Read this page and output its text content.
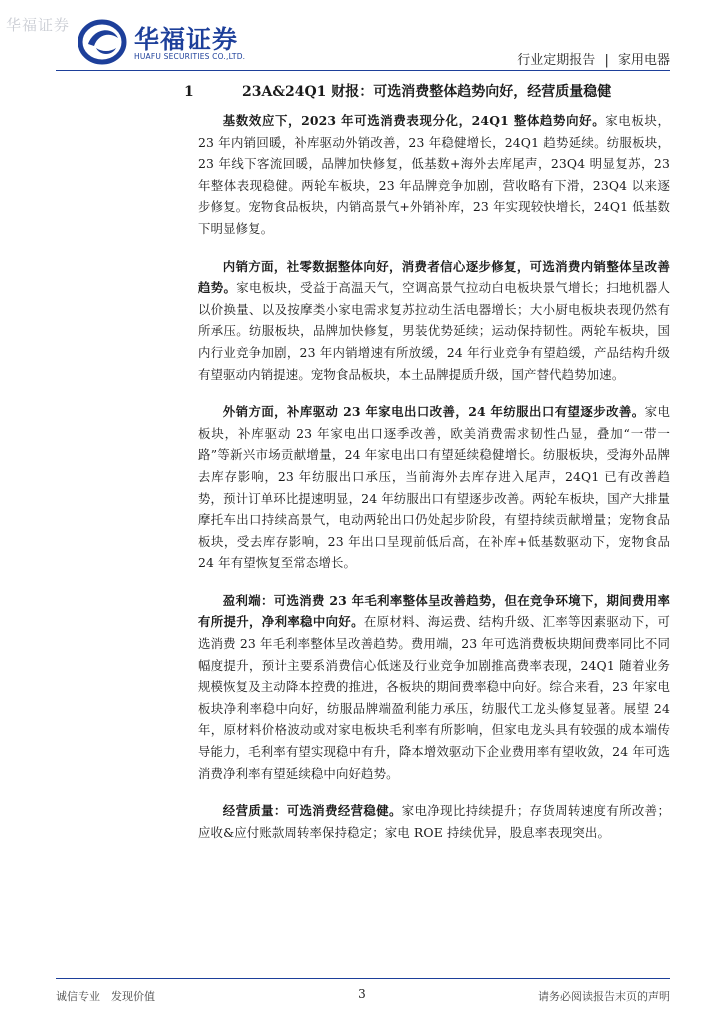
华福证券	华福证券
HUAFU SECURITIES CO.,LTD.	行业定期报告 | 家用电器
1	23A&24Q1 财报：可选消费整体趋势向好，经营质量稳健

基数效应下，2023 年可选消费表现分化，24Q1 整体趋势向好。家电板块，23 年内销回暖，补库驱动外销改善，23 年稳健增长，24Q1 趋势延续。纺服板块，23 年线下客流回暖，品牌加快修复，低基数+海外去库尾声，23Q4 明显复苏，23 年整体表现稳健。两轮车板块，23 年品牌竞争加剧，营收略有下滑，23Q4 以来逐步修复。宠物食品板块，内销高景气+外销补库，23 年实现较快增长，24Q1 低基数下明显修复。

内销方面，社零数据整体向好，消费者信心逐步修复，可选消费内销整体呈改善趋势。家电板块，受益于高温天气，空调高景气拉动白电板块景气增长；扫地机器人以价换量、以及按摩类小家电需求复苏拉动生活电器增长；大小厨电板块表现仍然有所承压。纺服板块，品牌加快修复，男装优势延续；运动保持韧性。两轮车板块，国内行业竞争加剧，23 年内销增速有所放缓，24 年行业竞争有望趋缓，产品结构升级有望驱动内销提速。宠物食品板块，本土品牌提质升级，国产替代趋势加速。

外销方面，补库驱动 23 年家电出口改善，24 年纺服出口有望逐步改善。家电板块，补库驱动 23 年家电出口逐季改善，欧美消费需求韧性凸显，叠加“一带一路”等新兴市场贡献增量，24 年家电出口有望延续稳健增长。纺服板块，受海外品牌去库存影响，23 年纺服出口承压，当前海外去库存进入尾声，24Q1 已有改善趋势，预计订单环比提速明显，24 年纺服出口有望逐步改善。两轮车板块，国产大排量摩托车出口持续高景气，电动两轮出口仍处起步阶段，有望持续贡献增量；宠物食品板块，受去库存影响，23 年出口呈现前低后高，在补库+低基数驱动下，宠物食品 24 年有望恢复至常态增长。

盈利端：可选消费 23 年毛利率整体呈改善趋势，但在竞争环境下，期间费用率有所提升，净利率稳中向好。在原材料、海运费、结构升级、汇率等因素驱动下，可选消费 23 年毛利率整体呈改善趋势。费用端，23 年可选消费板块期间费率同比不同幅度提升，预计主要系消费信心低迷及行业竞争加剧推高费率表现，24Q1 随着业务规模恢复及主动降本控费的推进，各板块的期间费率稳中向好。综合来看，23 年家电板块净利率稳中向好，纺服品牌端盈利能力承压，纺服代工龙头修复显著。展望 24 年，原材料价格波动或对家电板块毛利率有所影响，但家电龙头具有较强的成本端传导能力，毛利率有望实现稳中有升，降本增效驱动下企业费用率有望收敛，24 年可选消费净利率有望延续稳中向好趋势。

经营质量：可选消费经营稳健。家电净现比持续提升；存货周转速度有所改善；应收&应付账款周转率保持稳定；家电 ROE 持续优异，股息率表现突出。

诚信专业　发现价值	3	请务必阅读报告末页的声明
